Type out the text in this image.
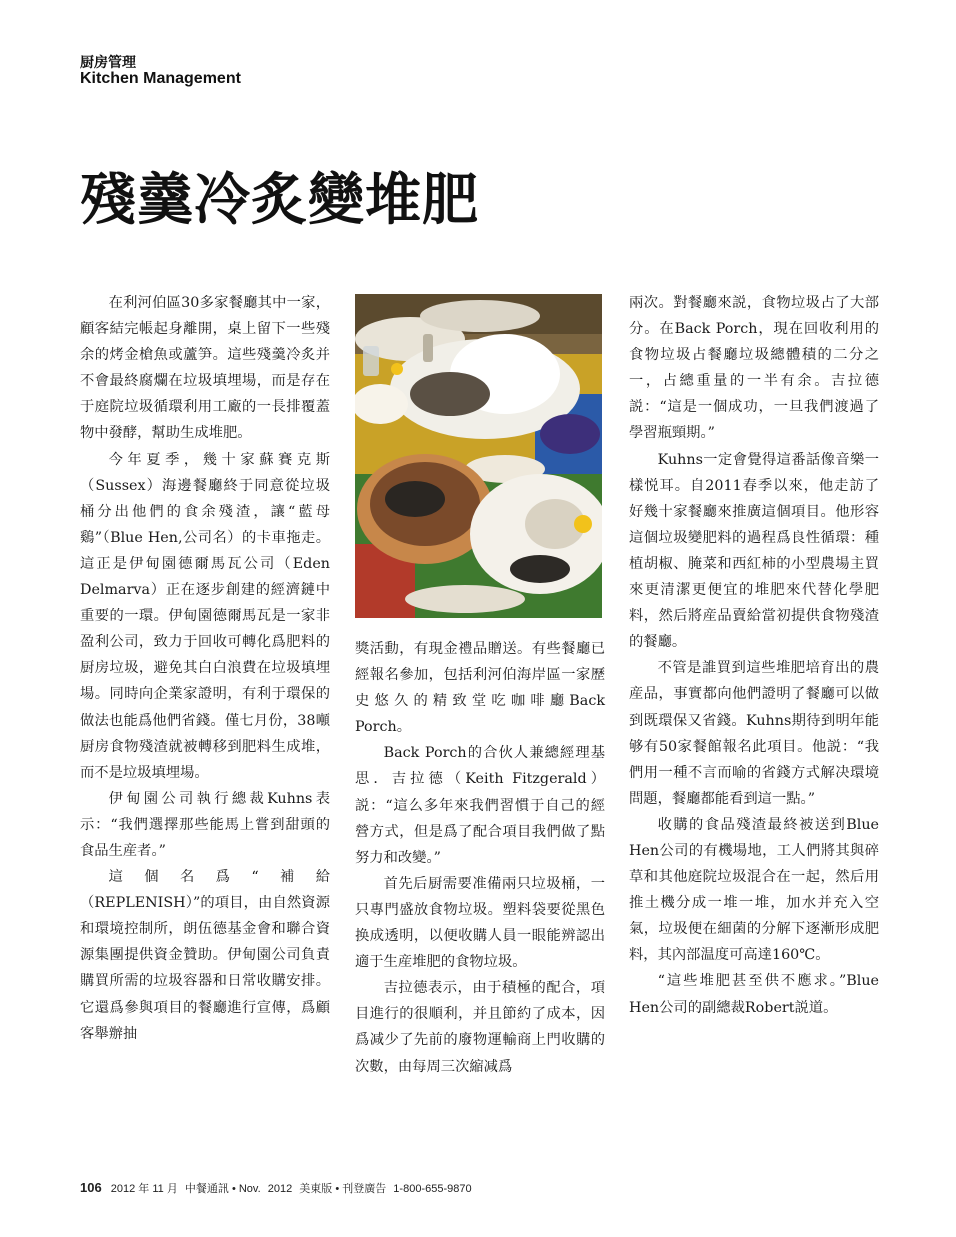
厨房管理
Kitchen Management
殘羹冷炙變堆肥

在利河伯區30多家餐廳其中一家，顧客結完帳起身離開，桌上留下一些殘余的烤金槍魚或蘆笋。這些殘羹冷炙并不會最終腐爛在垃圾填埋場，而是存在于庭院垃圾循環利用工廠的一長排覆蓋物中發酵，幫助生成堆肥。

今年夏季，幾十家蘇賽克斯（Sussex）海邊餐廳終于同意從垃圾桶分出他們的食余殘渣，讓“藍母鷄”（Blue Hen,公司名）的卡車拖走。這正是伊甸園德爾馬瓦公司（Eden Delmarva）正在逐步創建的經濟鏈中重要的一環。伊甸園德爾馬瓦是一家非盈利公司，致力于回收可轉化爲肥料的厨房垃圾，避免其白白浪費在垃圾填埋場。同時向企業家證明，有利于環保的做法也能爲他們省錢。僅七月份，38噸厨房食物殘渣就被轉移到肥料生成堆，而不是垃圾填埋場。

伊甸園公司執行總裁Kuhns表示：“我們選擇那些能馬上嘗到甜頭的食品生産者。”

這個名爲“補給（REPLENISH）”的項目，由自然資源和環境控制所，朗伍德基金會和聯合資源集團提供資金贊助。伊甸園公司負責購買所需的垃圾容器和日常收購安排。它還爲參與項目的餐廳進行宣傳，爲顧客舉辦抽

獎活動，有現金禮品贈送。有些餐廳已經報名參加，包括利河伯海岸區一家歷史悠久的精致堂吃咖啡廳Back Porch。

Back Porch的合伙人兼總經理基思．吉拉德（Keith Fitzgerald）説：“這么多年來我們習慣于自己的經營方式，但是爲了配合項目我們做了點努力和改變。”

首先后厨需要准備兩只垃圾桶，一只專門盛放食物垃圾。塑料袋要從黑色换成透明，以便收購人員一眼能辨認出適于生産堆肥的食物垃圾。

吉拉德表示，由于積極的配合，項目進行的很順利，并且節約了成本，因爲减少了先前的廢物運輸商上門收購的次數，由每周三次縮减爲

兩次。對餐廳來説，食物垃圾占了大部分。在Back Porch，現在回收利用的食物垃圾占餐廳垃圾總體積的二分之一，占總重量的一半有余。吉拉德説：“這是一個成功，一旦我們渡過了學習瓶頸期。”

Kuhns一定會覺得這番話像音樂一樣悦耳。自2011春季以來，他走訪了好幾十家餐廳來推廣這個項目。他形容這個垃圾變肥料的過程爲良性循環：種植胡椒、腌菜和西紅柿的小型農場主買來更清潔更便宜的堆肥來代替化學肥料，然后將産品賣給當初提供食物殘渣的餐廳。

不管是誰買到這些堆肥培育出的農産品，事實都向他們證明了餐廳可以做到既環保又省錢。Kuhns期待到明年能够有50家餐館報名此項目。他説：“我們用一種不言而喻的省錢方式解决環境問題，餐廳都能看到這一點。”

收購的食品殘渣最終被送到Blue Hen公司的有機場地，工人們將其與碎草和其他庭院垃圾混合在一起，然后用推土機分成一堆一堆，加水并充入空氣，垃圾便在細菌的分解下逐漸形成肥料，其內部温度可高達160℃。

“這些堆肥甚至供不應求。”Blue Hen公司的副總裁Robert説道。

106 2012 年 11 月 中餐通訊 • Nov. 2012 美東版 • 刊登廣告 1-800-655-9870
